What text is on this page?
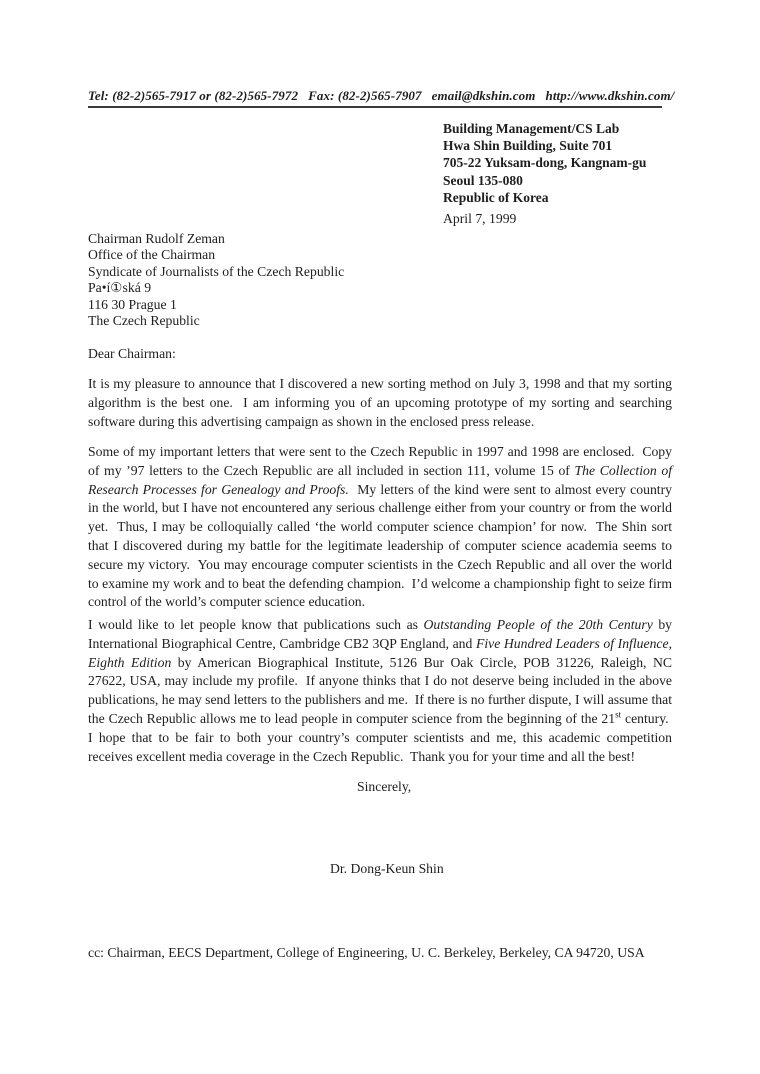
Tel: (82-2)565-7917 or (82-2)565-7972   Fax: (82-2)565-7907   email@dkshin.com   http://www.dkshin.com/
Building Management/CS Lab
Hwa Shin Building, Suite 701
705-22 Yuksam-dong, Kangnam-gu
Seoul 135-080
Republic of Korea
April 7, 1999
Chairman Rudolf Zeman
Office of the Chairman
Syndicate of Journalists of the Czech Republic
Pa•í①ská 9
116 30 Prague 1
The Czech Republic
Dear Chairman:
It is my pleasure to announce that I discovered a new sorting method on July 3, 1998 and that my sorting algorithm is the best one.  I am informing you of an upcoming prototype of my sorting and searching software during this advertising campaign as shown in the enclosed press release.
Some of my important letters that were sent to the Czech Republic in 1997 and 1998 are enclosed.  Copy of my ’97 letters to the Czech Republic are all included in section 111, volume 15 of The Collection of Research Processes for Genealogy and Proofs.  My letters of the kind were sent to almost every country in the world, but I have not encountered any serious challenge either from your country or from the world yet.  Thus, I may be colloquially called ‘the world computer science champion’ for now.  The Shin sort that I discovered during my battle for the legitimate leadership of computer science academia seems to secure my victory.  You may encourage computer scientists in the Czech Republic and all over the world to examine my work and to beat the defending champion.  I’d welcome a championship fight to seize firm control of the world’s computer science education.
I would like to let people know that publications such as Outstanding People of the 20th Century by International Biographical Centre, Cambridge CB2 3QP England, and Five Hundred Leaders of Influence, Eighth Edition by American Biographical Institute, 5126 Bur Oak Circle, POB 31226, Raleigh, NC 27622, USA, may include my profile.  If anyone thinks that I do not deserve being included in the above publications, he may send letters to the publishers and me.  If there is no further dispute, I will assume that the Czech Republic allows me to lead people in computer science from the beginning of the 21st century.  I hope that to be fair to both your country’s computer scientists and me, this academic competition receives excellent media coverage in the Czech Republic.  Thank you for your time and all the best!
Sincerely,
Dr. Dong-Keun Shin
cc: Chairman, EECS Department, College of Engineering, U. C. Berkeley, Berkeley, CA 94720, USA
